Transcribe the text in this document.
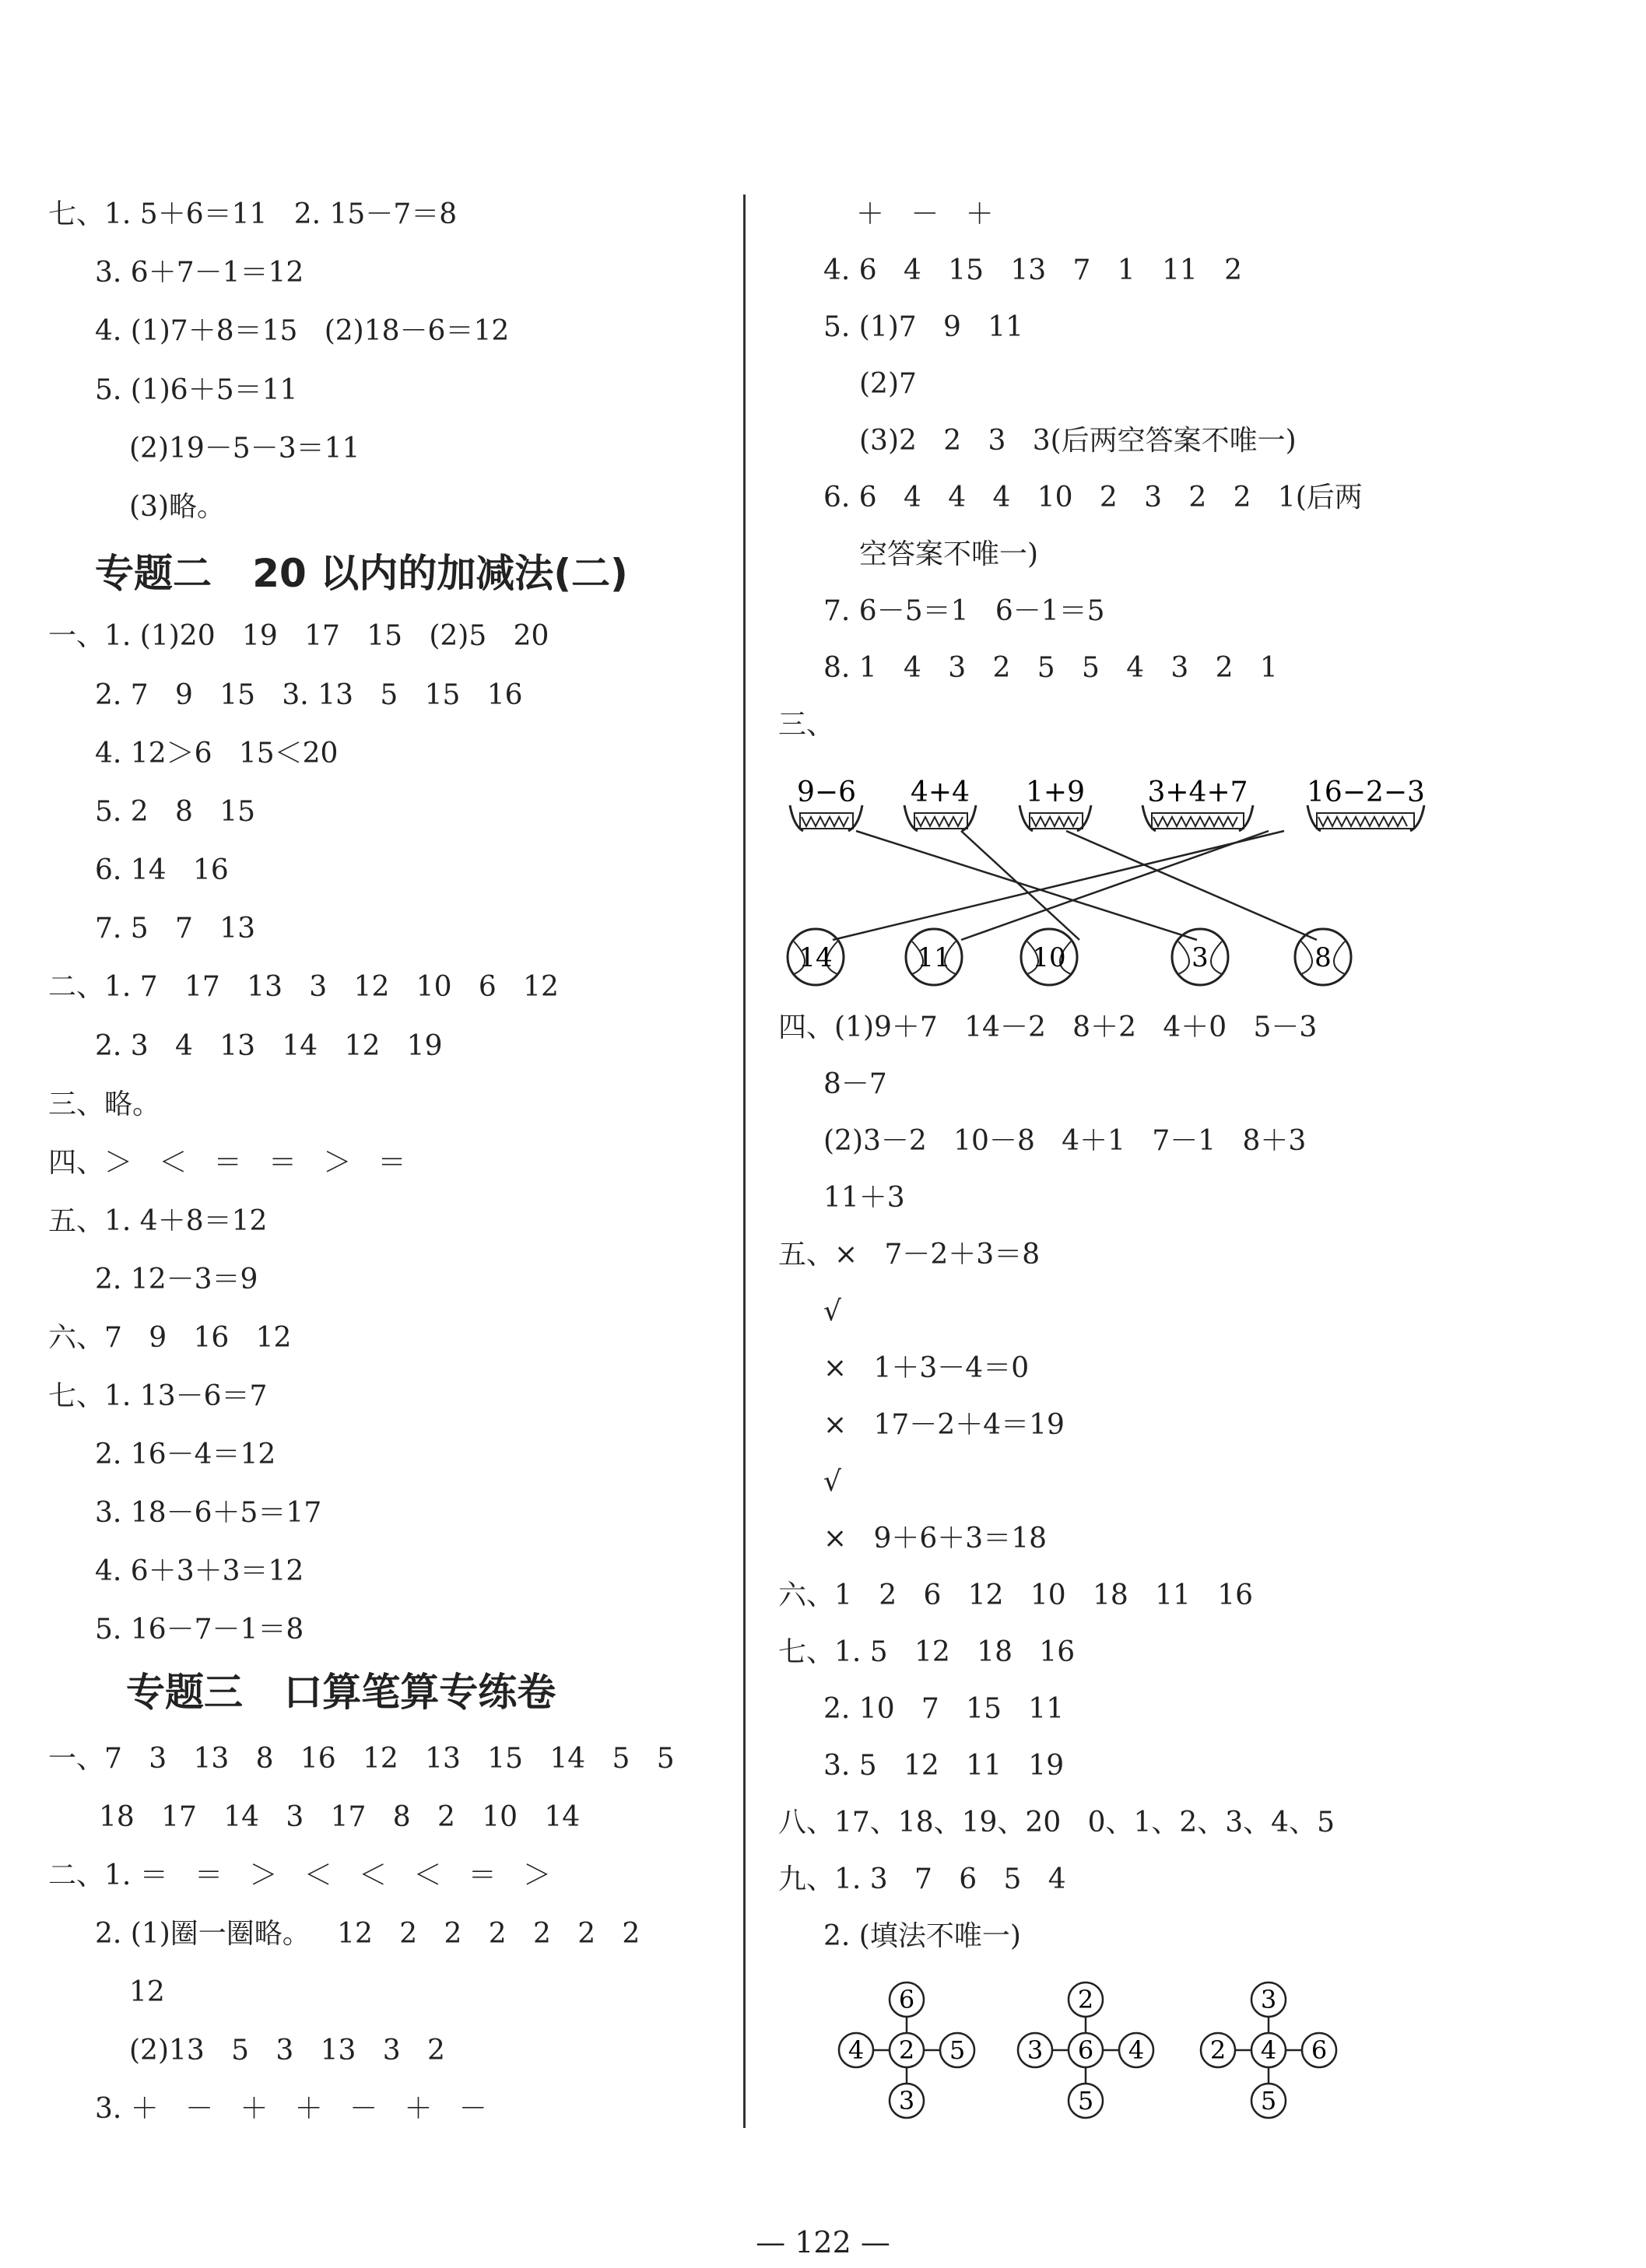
七、1. 5＋6＝11   2. 15－7＝8
3. 6＋7－1＝12
4. (1)7＋8＝15   (2)18－6＝12
5. (1)6＋5＝11
(2)19－5－3＝11
(3)略。
专题二   20 以内的加减法(二)
一、1. (1)20   19   17   15   (2)5   20
2. 7   9   15   3. 13   5   15   16
4. 12＞6   15＜20
5. 2   8   15
6. 14   16
7. 5   7   13
二、1. 7   17   13   3   12   10   6   12
2. 3   4   13   14   12   19
三、略。
四、＞   ＜   ＝   ＝   ＞   ＝
五、1. 4＋8＝12
2. 12－3＝9
六、7   9   16   12
七、1. 13－6＝7
2. 16－4＝12
3. 18－6＋5＝17
4. 6＋3＋3＝12
5. 16－7－1＝8
专题三   口算笔算专练卷
一、7   3   13   8   16   12   13   15   14   5   5
18   17   14   3   17   8   2   10   14
二、1. ＝   ＝   ＞   ＜   ＜   ＜   ＝   ＞
2. (1)圈一圈略。   12   2   2   2   2   2   2
12
(2)13   5   3   13   3   2
3. ＋   －   ＋   ＋   －   ＋   －
＋   －   ＋
4. 6   4   15   13   7   1   11   2
5. (1)7   9   11
(2)7
(3)2   2   3   3(后两空答案不唯一)
6. 6   4   4   4   10   2   3   2   2   1(后两
空答案不唯一)
7. 6－5＝1   6－1＝5
8. 1   4   3   2   5   5   4   3   2   1
三、
9−6 4+4 1+9 3+4+7 16−2−3
14	11	10	3	8
四、(1)9＋7   14－2   8＋2   4＋0   5－3
8－7
(2)3－2   10－8   4＋1   7－1   8＋3
11＋3
五、×   7－2＋3＝8
√
×   1＋3－4＝0
×   17－2＋4＝19
√
×   9＋6＋3＝18
六、1   2   6   12   10   18   11   16
七、1. 5   12   18   16
2. 10   7   15   11
3. 5   12   11   19
八、17、18、19、20   0、1、2、3、4、5
九、1. 3   7   6   5   4
2. (填法不唯一)
6
4 2 5
3
2
3 6 4
5
3
2 4 6
5
— 122 —
